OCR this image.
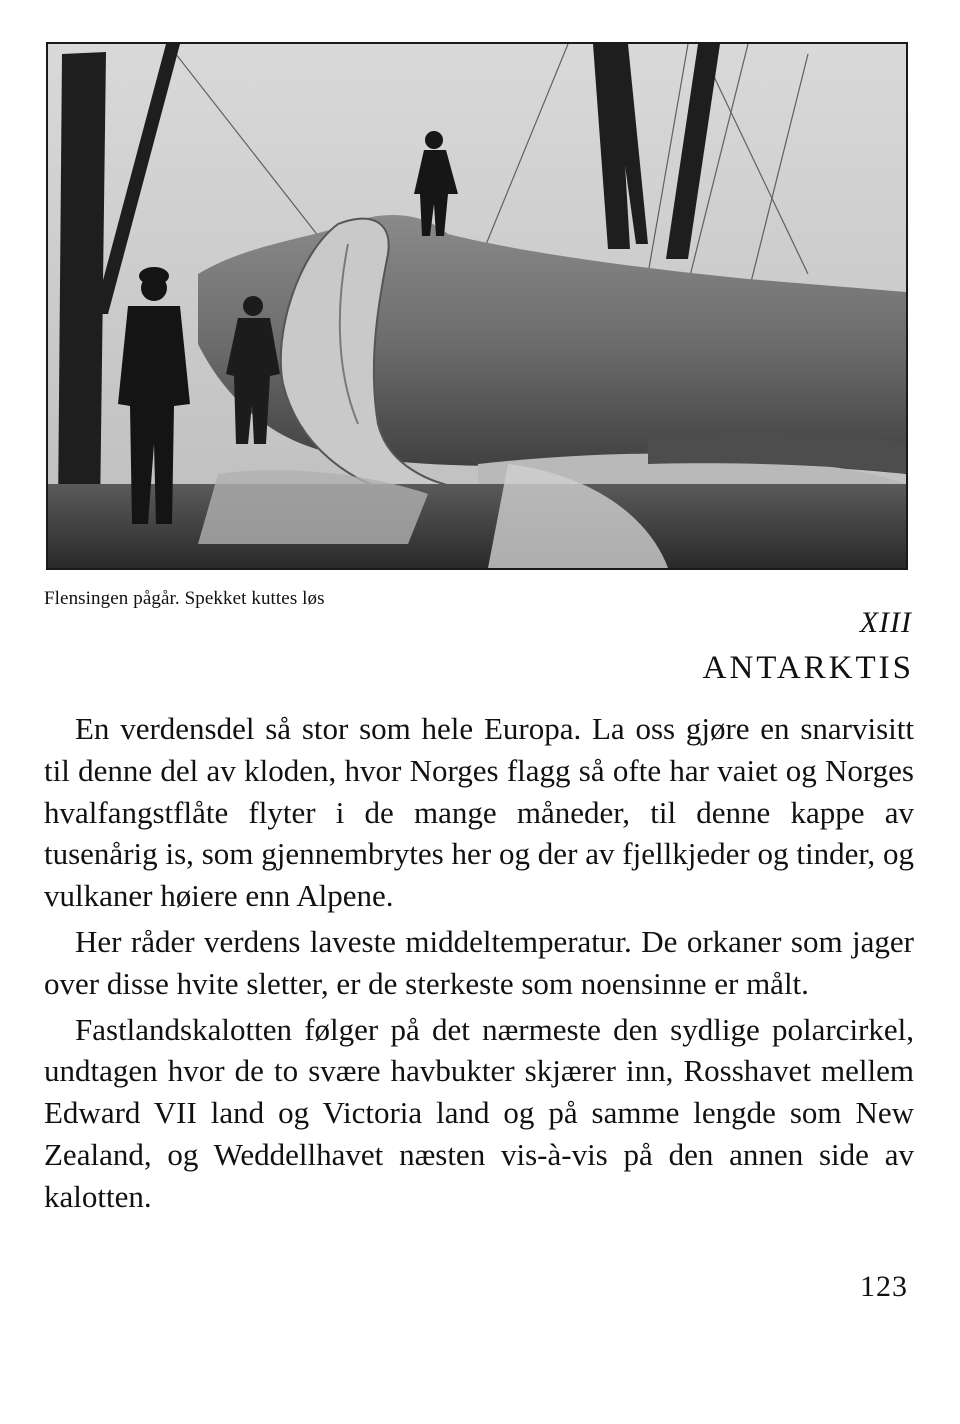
Flensingen pågår. Spekket kuttes løs
XIII
ANTARKTIS

En verdensdel så stor som hele Europa. La oss gjøre en snarvisitt til denne del av kloden, hvor Norges flagg så ofte har vaiet og Norges hvalfangstflåte flyter i de mange måneder, til denne kappe av tusenårig is, som gjennembrytes her og der av fjellkjeder og tinder, og vulkaner høiere enn Alpene.

Her råder verdens laveste middeltemperatur. De orkaner som jager over disse hvite sletter, er de sterkeste som noensinne er målt.

Fastlandskalotten følger på det nærmeste den sydlige polarcirkel, undtagen hvor de to svære havbukter skjærer inn, Rosshavet mellem Edward VII land og Victoria land og på samme lengde som New Zealand, og Weddellhavet næsten vis-à-vis på den annen side av kalotten.

123
